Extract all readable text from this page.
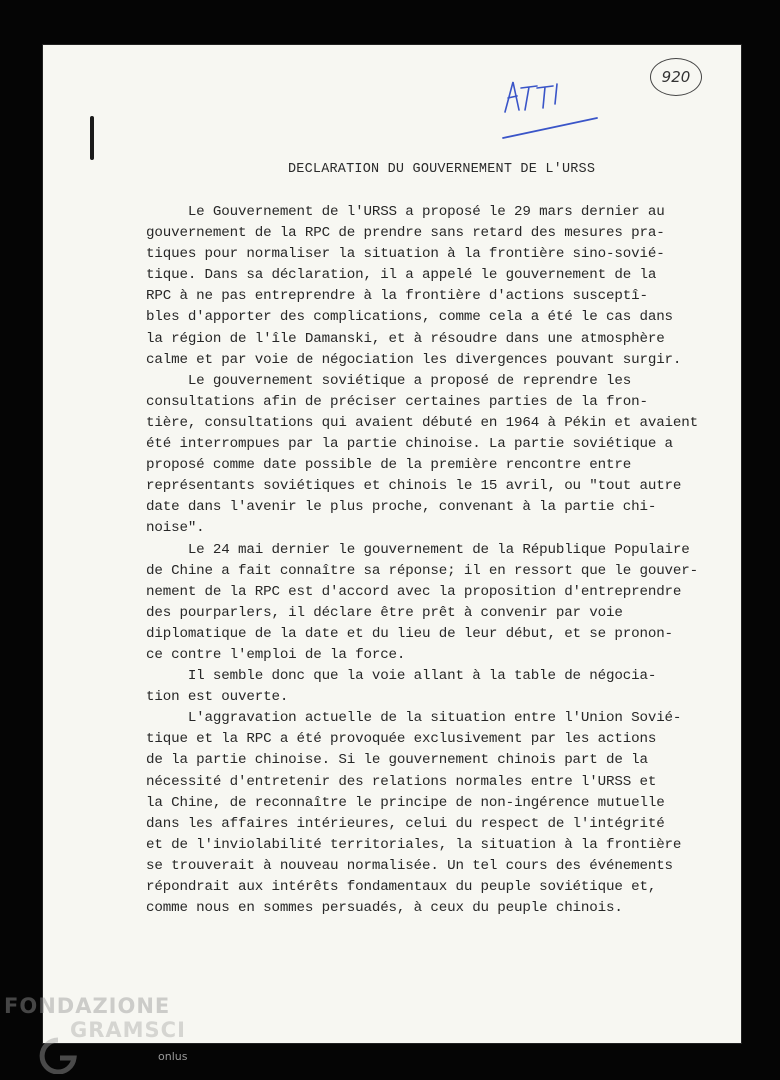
920
DECLARATION DU GOUVERNEMENT DE L'URSS
Le Gouvernement de l'URSS a proposé le 29 mars dernier au
gouvernement de la RPC de prendre sans retard des mesures pra-
tiques pour normaliser la situation à la frontière sino-sovié-
tique. Dans sa déclaration, il a appelé le gouvernement de la
RPC à ne pas entreprendre à la frontière d'actions susceptî-
bles d'apporter des complications, comme cela a été le cas dans
la région de l'île Damanski, et à résoudre dans une atmosphère
calme et par voie de négociation les divergences pouvant surgir.
Le gouvernement soviétique a proposé de reprendre les
consultations afin de préciser certaines parties de la fron-
tière, consultations qui avaient débuté en 1964 à Pékin et avaient
été interrompues par la partie chinoise. La partie soviétique a
proposé comme date possible de la première rencontre entre
représentants soviétiques et chinois le 15 avril, ou "tout autre
date dans l'avenir le plus proche, convenant à la partie chi-
noise".
Le 24 mai dernier le gouvernement de la République Populaire
de Chine a fait connaître sa réponse; il en ressort que le gouver-
nement de la RPC est d'accord avec la proposition d'entreprendre
des pourparlers, il déclare être prêt à convenir par voie
diplomatique de la date et du lieu de leur début, et se pronon-
ce contre l'emploi de la force.
Il semble donc que la voie allant à la table de négocia-
tion est ouverte.
L'aggravation actuelle de la situation entre l'Union Sovié-
tique et la RPC a été provoquée exclusivement par les actions
de la partie chinoise. Si le gouvernement chinois part de la
nécessité d'entretenir des relations normales entre l'URSS et
la Chine, de reconnaître le principe de non-ingérence mutuelle
dans les affaires intérieures, celui du respect de l'intégrité
et de l'inviolabilité territoriales, la situation à la frontière
se trouverait à nouveau normalisée. Un tel cours des événements
répondrait aux intérêts fondamentaux du peuple soviétique et,
comme nous en sommes persuadés, à ceux du peuple chinois.
FONDAZIONE
GRAMSCI
onlus
